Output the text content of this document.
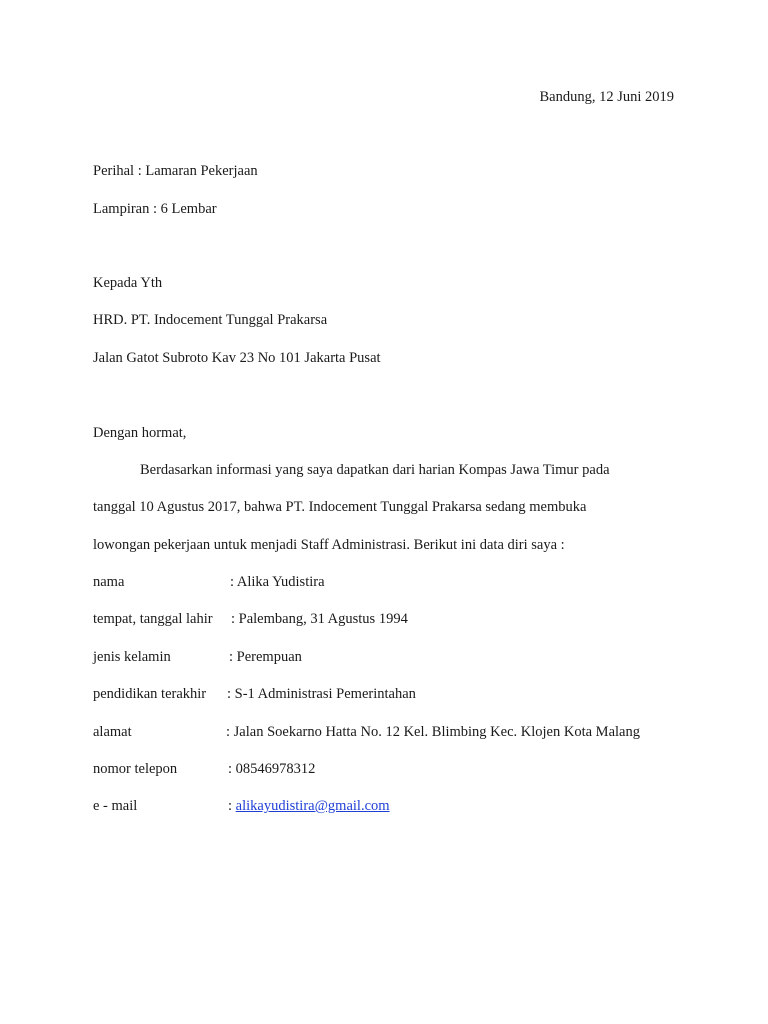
Bandung, 12 Juni 2019
Perihal : Lamaran Pekerjaan
Lampiran : 6 Lembar
Kepada Yth
HRD. PT. Indocement Tunggal Prakarsa
Jalan Gatot Subroto Kav 23 No 101 Jakarta Pusat
Dengan hormat,
Berdasarkan informasi yang saya dapatkan dari harian Kompas Jawa Timur pada
tanggal 10 Agustus 2017, bahwa PT. Indocement Tunggal Prakarsa sedang membuka
lowongan pekerjaan untuk menjadi Staff Administrasi. Berikut ini data diri saya :
nama	: Alika Yudistira
tempat, tanggal lahir : Palembang, 31 Agustus 1994
jenis kelamin	: Perempuan
pendidikan terakhir : S-1 Administrasi Pemerintahan
alamat	: Jalan Soekarno Hatta No. 12 Kel. Blimbing Kec. Klojen Kota Malang
nomor telepon	: 08546978312
e - mail	: alikayudistira@gmail.com
